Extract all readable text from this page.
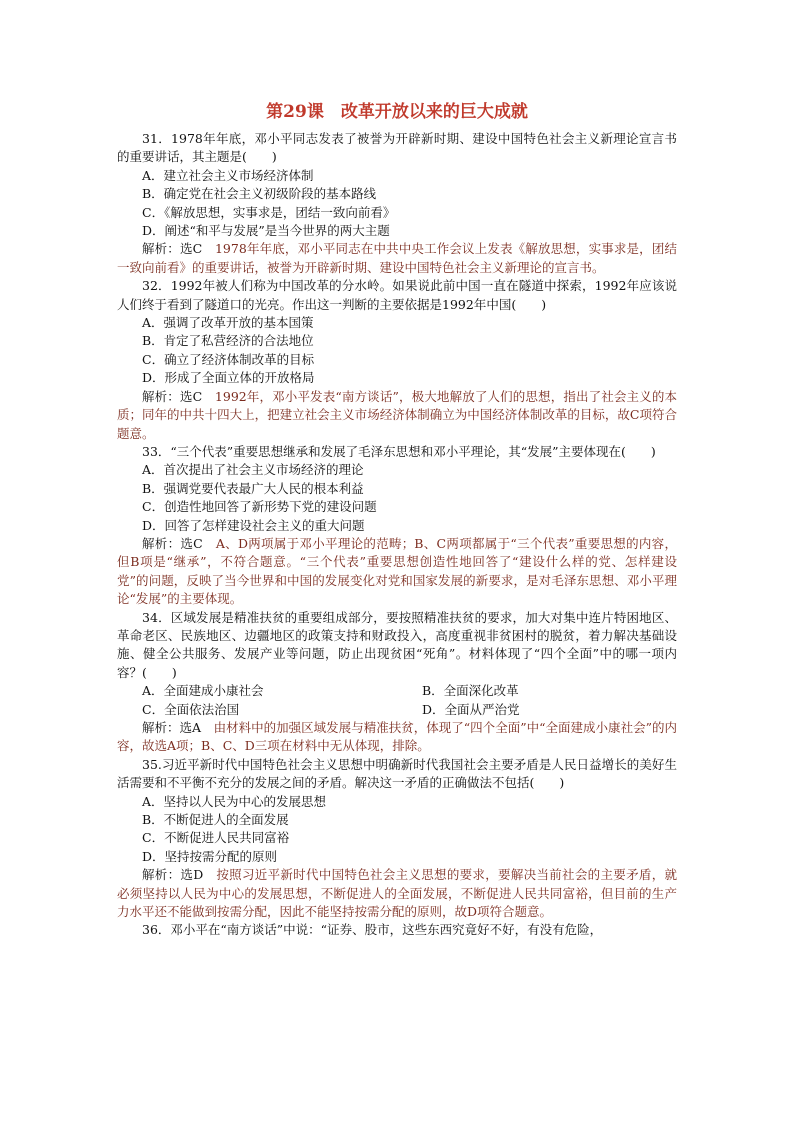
第29课　改革开放以来的巨大成就

31．1978年年底，邓小平同志发表了被誉为开辟新时期、建设中国特色社会主义新理论宣言书的重要讲话，其主题是(　　)

A．建立社会主义市场经济体制

B．确定党在社会主义初级阶段的基本路线

C．《解放思想，实事求是，团结一致向前看》

D．阐述“和平与发展”是当今世界的两大主题

解析：选C　1978年年底，邓小平同志在中共中央工作会议上发表《解放思想，实事求是，团结一致向前看》的重要讲话，被誉为开辟新时期、建设中国特色社会主义新理论的宣言书。

32．1992年被人们称为中国改革的分水岭。如果说此前中国一直在隧道中探索，1992年应该说人们终于看到了隧道口的光亮。作出这一判断的主要依据是1992年中国(　　)

A．强调了改革开放的基本国策

B．肯定了私营经济的合法地位

C．确立了经济体制改革的目标

D．形成了全面立体的开放格局

解析：选C　1992年，邓小平发表“南方谈话”，极大地解放了人们的思想，指出了社会主义的本质；同年的中共十四大上，把建立社会主义市场经济体制确立为中国经济体制改革的目标，故C项符合题意。

33．“三个代表”重要思想继承和发展了毛泽东思想和邓小平理论，其“发展”主要体现在(　　)

A．首次提出了社会主义市场经济的理论

B．强调党要代表最广大人民的根本利益

C．创造性地回答了新形势下党的建设问题

D．回答了怎样建设社会主义的重大问题

解析：选C　A、D两项属于邓小平理论的范畴；B、C两项都属于“三个代表”重要思想的内容，但B项是“继承”，不符合题意。“三个代表”重要思想创造性地回答了“建设什么样的党、怎样建设党”的问题，反映了当今世界和中国的发展变化对党和国家发展的新要求，是对毛泽东思想、邓小平理论“发展”的主要体现。

34．区域发展是精准扶贫的重要组成部分，要按照精准扶贫的要求，加大对集中连片特困地区、革命老区、民族地区、边疆地区的政策支持和财政投入，高度重视非贫困村的脱贫，着力解决基础设施、健全公共服务、发展产业等问题，防止出现贫困“死角”。材料体现了“四个全面”中的哪一项内容？(　　)

A．全面建成小康社会	B．全面深化改革

C．全面依法治国	D．全面从严治党

解析：选A　由材料中的加强区域发展与精准扶贫，体现了“四个全面”中“全面建成小康社会”的内容，故选A项；B、C、D三项在材料中无从体现，排除。

35.习近平新时代中国特色社会主义思想中明确新时代我国社会主要矛盾是人民日益增长的美好生活需要和不平衡不充分的发展之间的矛盾。解决这一矛盾的正确做法不包括(　　)

A．坚持以人民为中心的发展思想

B．不断促进人的全面发展

C．不断促进人民共同富裕

D．坚持按需分配的原则

解析：选D　按照习近平新时代中国特色社会主义思想的要求，要解决当前社会的主要矛盾，就必须坚持以人民为中心的发展思想，不断促进人的全面发展，不断促进人民共同富裕，但目前的生产力水平还不能做到按需分配，因此不能坚持按需分配的原则，故D项符合题意。

36．邓小平在“南方谈话”中说：“证券、股市，这些东西究竟好不好，有没有危险，
